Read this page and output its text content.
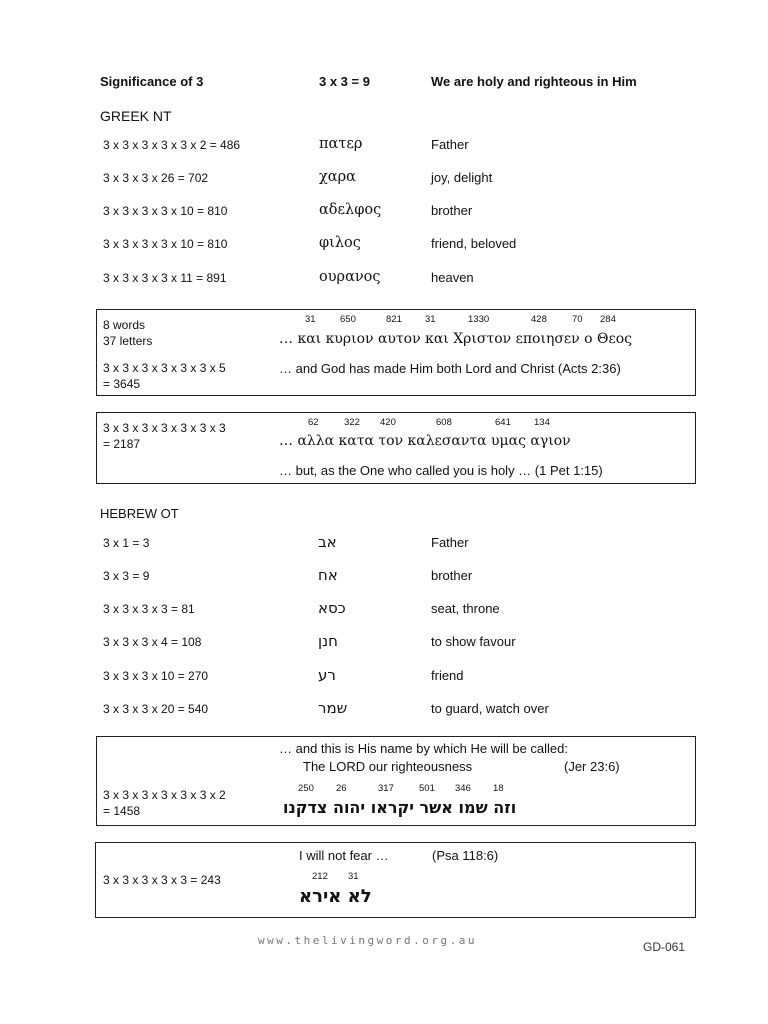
Significance of 3	3 x 3 = 9	We are holy and righteous in Him
GREEK NT
3 x 3 x 3 x 3 x 3 x 2 = 486	πατερ	Father
3 x 3 x 3 x 26 = 702	χαρα	joy, delight
3 x 3 x 3 x 3 x 10 = 810	αδελφος	brother
3 x 3 x 3 x 3 x 10 = 810	φιλος	friend, beloved
3 x 3 x 3 x 3 x 11 = 891	ουρανος	heaven
8 words
37 letters
3 x 3 x 3 x 3 x 3 x 3 x 5
= 3645
31	650	821 31	1330	428	70 284
… και κυριον αυτον και Χριστον εποιησεν ο Θεος
… and God has made Him both Lord and Christ (Acts 2:36)
3 x 3 x 3 x 3 x 3 x 3 x 3
= 2187
62	322 420	608	641 134
… αλλα κατα τον καλεσαντα υμας αγιον
… but, as the One who called you is holy … (1 Pet 1:15)
HEBREW OT
3 x 1 = 3	אב	Father
3 x 3 = 9	אח	brother
3 x 3 x 3 x 3 = 81	כסא	seat, throne
3 x 3 x 3 x 4 = 108	חנן	to show favour
3 x 3 x 3 x 10 = 270	רע	friend
3 x 3 x 3 x 20 = 540	שמר	to guard, watch over
… and this is His name by which He will be called:
The LORD our righteousness	(Jer 23:6)
3 x 3 x 3 x 3 x 3 x 3 x 2
= 1458
250 26	317	501 346 18
וזה שמו אשר יקראו יהוה צדקנו
I will not fear …	(Psa 118:6)
3 x 3 x 3 x 3 x 3 = 243	212 31
לא אירא
www.thelivingword.org.au	GD-061
